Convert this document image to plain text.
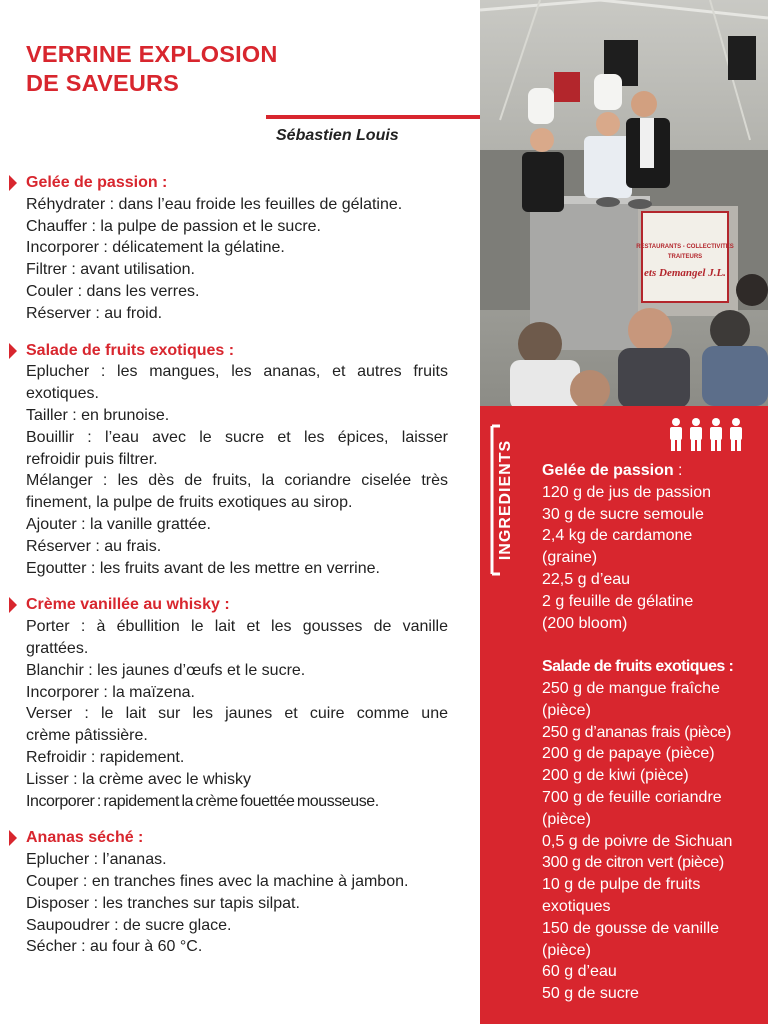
VERRINE EXPLOSION
DE SAVEURS
Sébastien Louis
Gelée de passion :
Réhydrater : dans l’eau froide les feuilles de gélatine.
Chauffer : la pulpe de passion et le sucre.
Incorporer : délicatement la gélatine.
Filtrer : avant utilisation.
Couler : dans les verres.
Réserver : au froid.
Salade de fruits exotiques :
Eplucher : les mangues, les ananas, et autres fruits
exotiques.
Tailler : en brunoise.
Bouillir : l’eau avec le sucre et les épices, laisser
refroidir puis filtrer.
Mélanger : les dès de fruits, la coriandre ciselée très
finement, la pulpe de fruits exotiques au sirop.
Ajouter : la vanille grattée.
Réserver : au frais.
Egoutter : les fruits avant de les mettre en verrine.
Crème vanillée au whisky :
Porter : à ébullition le lait et les gousses de vanille
grattées.
Blanchir : les jaunes d’œufs et le sucre.
Incorporer : la maïzena.
Verser : le lait sur les jaunes et cuire comme une
crème pâtissière.
Refroidir : rapidement.
Lisser : la crème avec le whisky
Incorporer : rapidement la crème fouettée mousseuse.
Ananas séché :
Eplucher : l’ananas.
Couper : en tranches fines avec la machine à jambon.
Disposer : les tranches sur tapis silpat.
Saupoudrer : de sucre glace.
Sécher : au four à 60 °C.
RESTAURANTS - COLLECTIVITÉS
TRAITEURS
ets Demangel J.L.
INGREDIENTS Gelée de passion :
120 g de jus de passion
30 g de sucre semoule
2,4 kg de cardamone
(graine)
22,5 g d’eau
2 g feuille de gélatine
(200 bloom)
Salade de fruits exotiques :
250 g de mangue fraîche
(pièce)
250 g d’ananas frais (pièce)
200 g de papaye (pièce)
200 g de kiwi (pièce)
700 g de feuille coriandre
(pièce)
0,5 g de poivre de Sichuan
300 g de citron vert (pièce)
10 g de pulpe de fruits
exotiques
150 de gousse de vanille
(pièce)
60 g d’eau
50 g de sucre
